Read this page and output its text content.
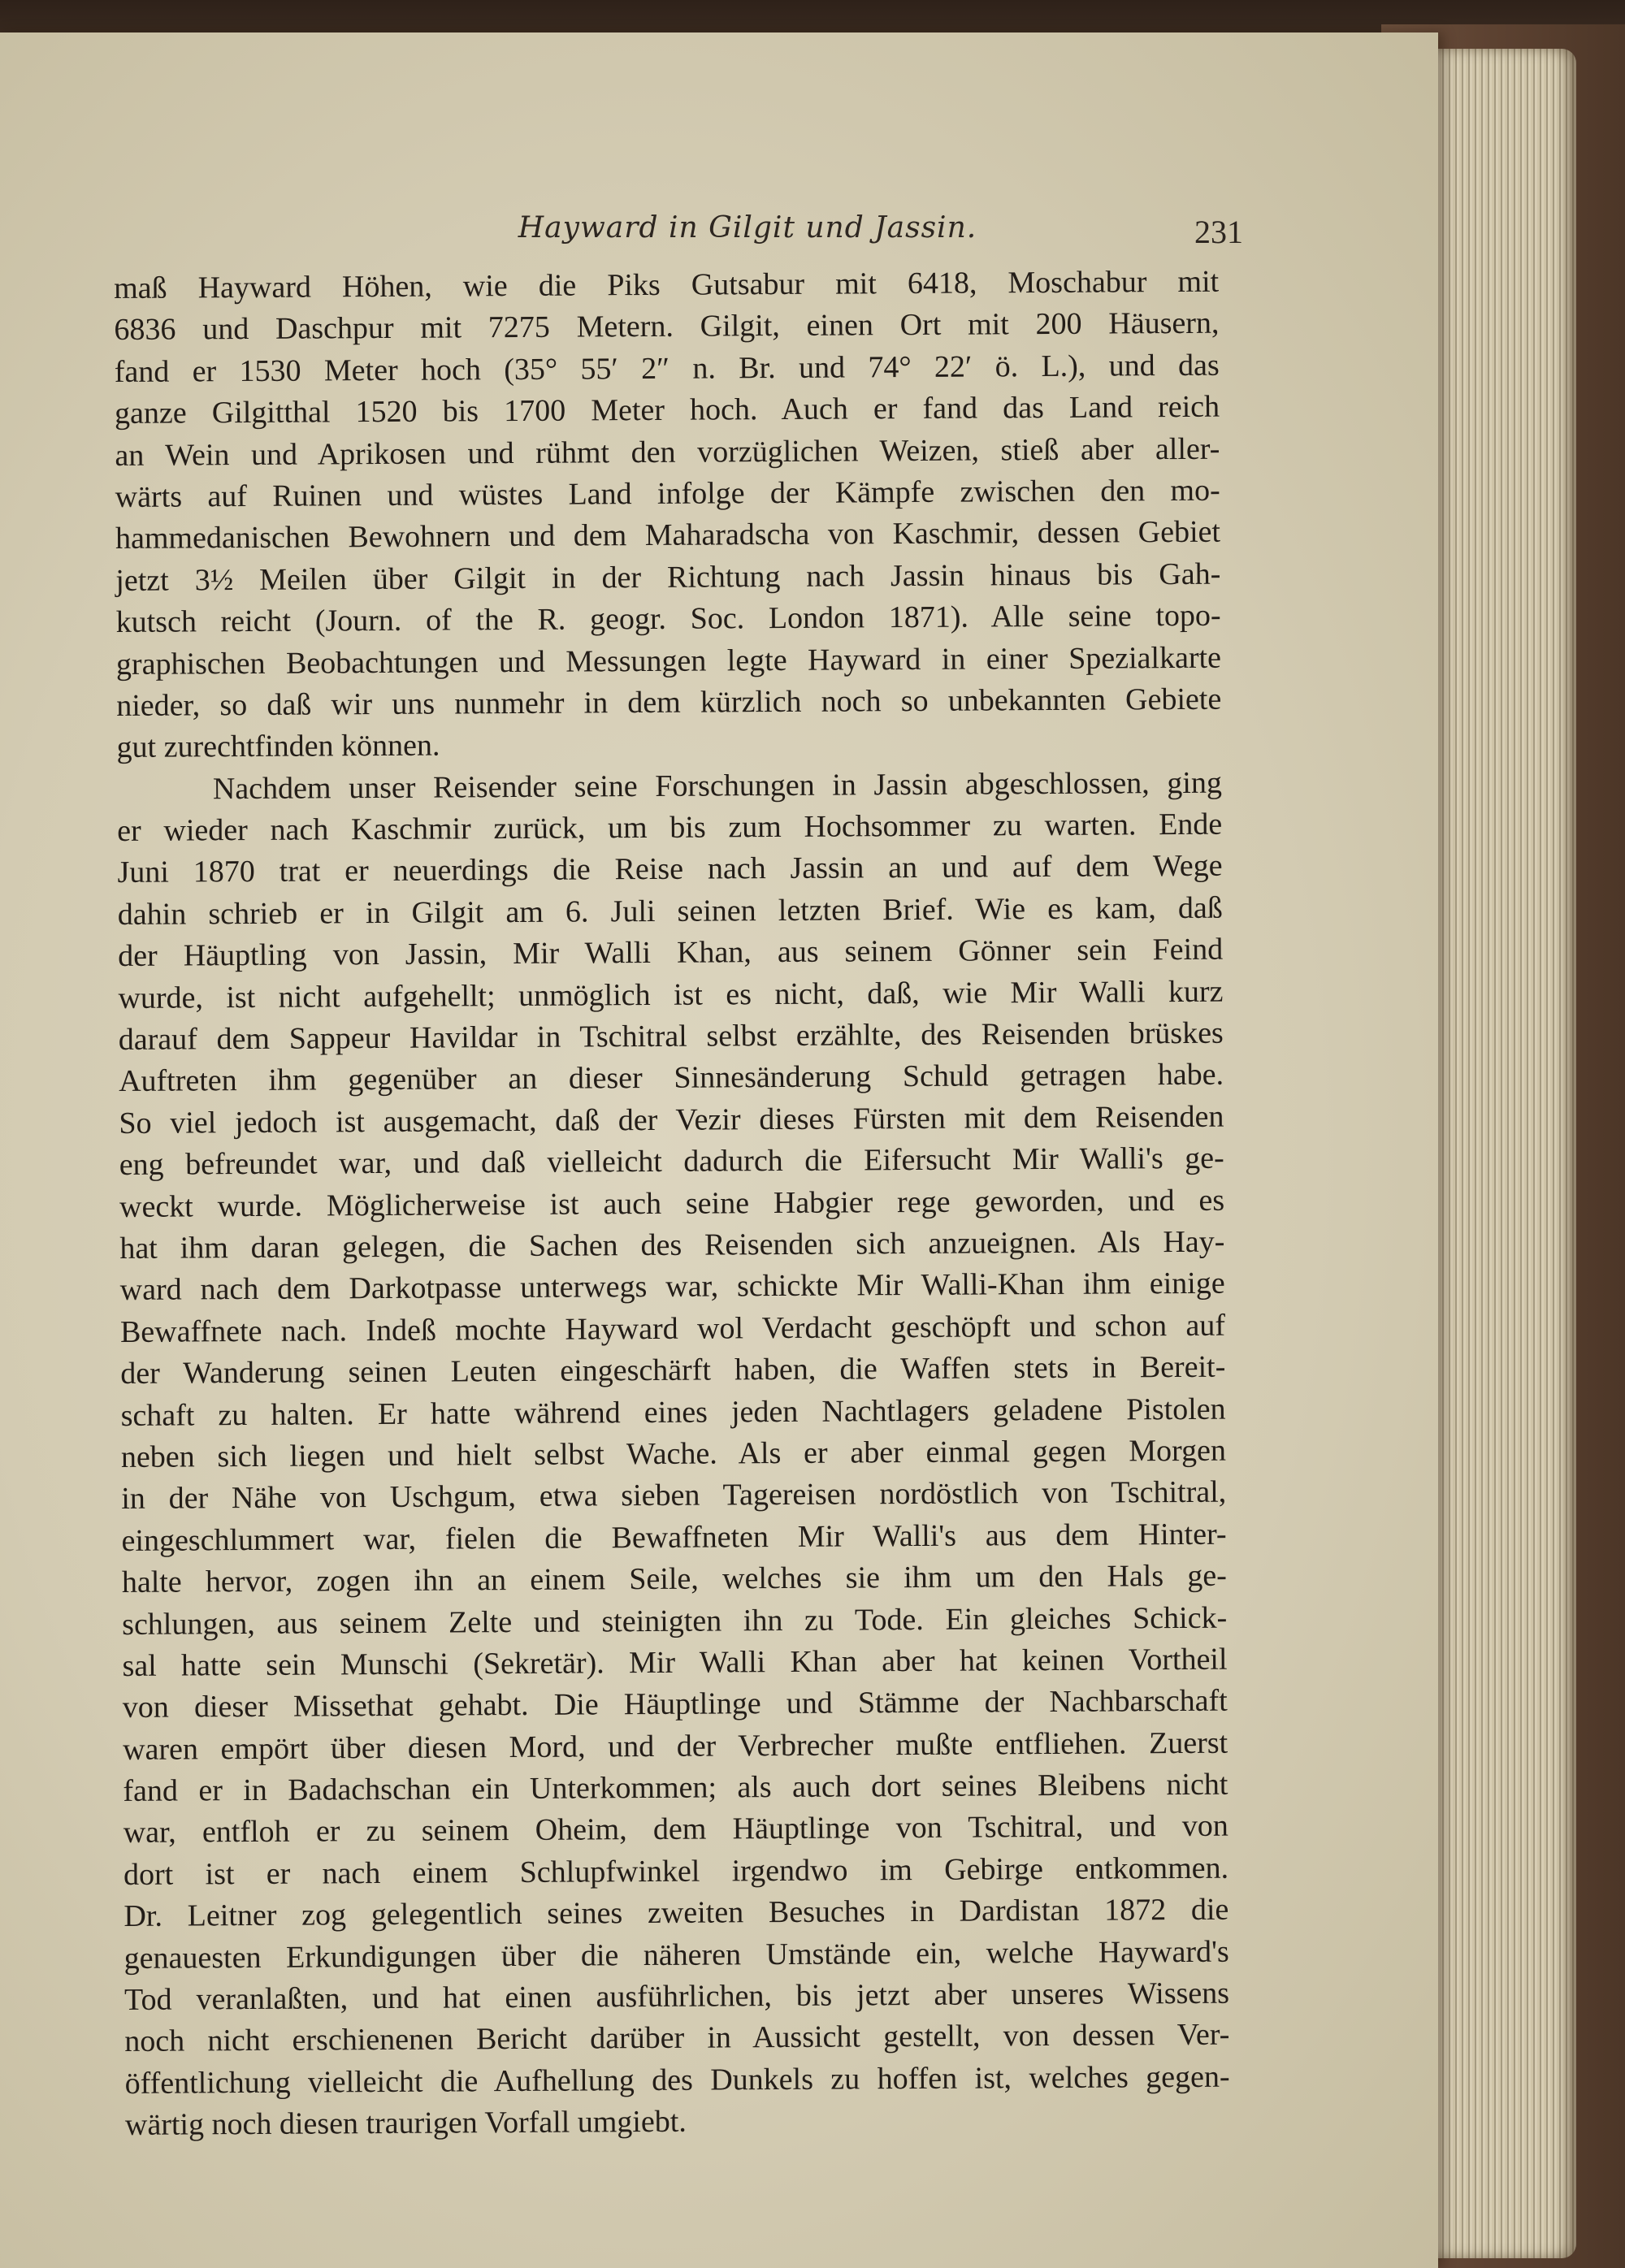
Hayward in Gilgit und Jassin.	231
maß Hayward Höhen, wie die Piks Gutsabur mit 6418, Moschabur mit
6836 und Daschpur mit 7275 Metern. Gilgit, einen Ort mit 200 Häusern,
fand er 1530 Meter hoch (35° 55′ 2″ n. Br. und 74° 22′ ö. L.), und das
ganze Gilgitthal 1520 bis 1700 Meter hoch. Auch er fand das Land reich
an Wein und Aprikosen und rühmt den vorzüglichen Weizen, stieß aber aller-
wärts auf Ruinen und wüstes Land infolge der Kämpfe zwischen den mo-
hammedanischen Bewohnern und dem Maharadscha von Kaschmir, dessen Gebiet
jetzt 3½ Meilen über Gilgit in der Richtung nach Jassin hinaus bis Gah-
kutsch reicht (Journ. of the R. geogr. Soc. London 1871). Alle seine topo-
graphischen Beobachtungen und Messungen legte Hayward in einer Spezialkarte
nieder, so daß wir uns nunmehr in dem kürzlich noch so unbekannten Gebiete
gut zurechtfinden können.
Nachdem unser Reisender seine Forschungen in Jassin abgeschlossen, ging
er wieder nach Kaschmir zurück, um bis zum Hochsommer zu warten. Ende
Juni 1870 trat er neuerdings die Reise nach Jassin an und auf dem Wege
dahin schrieb er in Gilgit am 6. Juli seinen letzten Brief. Wie es kam, daß
der Häuptling von Jassin, Mir Walli Khan, aus seinem Gönner sein Feind
wurde, ist nicht aufgehellt; unmöglich ist es nicht, daß, wie Mir Walli kurz
darauf dem Sappeur Havildar in Tschitral selbst erzählte, des Reisenden brüskes
Auftreten ihm gegenüber an dieser Sinnesänderung Schuld getragen habe.
So viel jedoch ist ausgemacht, daß der Vezir dieses Fürsten mit dem Reisenden
eng befreundet war, und daß vielleicht dadurch die Eifersucht Mir Walli's ge-
weckt wurde. Möglicherweise ist auch seine Habgier rege geworden, und es
hat ihm daran gelegen, die Sachen des Reisenden sich anzueignen. Als Hay-
ward nach dem Darkotpasse unterwegs war, schickte Mir Walli-Khan ihm einige
Bewaffnete nach. Indeß mochte Hayward wol Verdacht geschöpft und schon auf
der Wanderung seinen Leuten eingeschärft haben, die Waffen stets in Bereit-
schaft zu halten. Er hatte während eines jeden Nachtlagers geladene Pistolen
neben sich liegen und hielt selbst Wache. Als er aber einmal gegen Morgen
in der Nähe von Uschgum, etwa sieben Tagereisen nordöstlich von Tschitral,
eingeschlummert war, fielen die Bewaffneten Mir Walli's aus dem Hinter-
halte hervor, zogen ihn an einem Seile, welches sie ihm um den Hals ge-
schlungen, aus seinem Zelte und steinigten ihn zu Tode. Ein gleiches Schick-
sal hatte sein Munschi (Sekretär). Mir Walli Khan aber hat keinen Vortheil
von dieser Missethat gehabt. Die Häuptlinge und Stämme der Nachbarschaft
waren empört über diesen Mord, und der Verbrecher mußte entfliehen. Zuerst
fand er in Badachschan ein Unterkommen; als auch dort seines Bleibens nicht
war, entfloh er zu seinem Oheim, dem Häuptlinge von Tschitral, und von
dort ist er nach einem Schlupfwinkel irgendwo im Gebirge entkommen.
Dr. Leitner zog gelegentlich seines zweiten Besuches in Dardistan 1872 die
genauesten Erkundigungen über die näheren Umstände ein, welche Hayward's
Tod veranlaßten, und hat einen ausführlichen, bis jetzt aber unseres Wissens
noch nicht erschienenen Bericht darüber in Aussicht gestellt, von dessen Ver-
öffentlichung vielleicht die Aufhellung des Dunkels zu hoffen ist, welches gegen-
wärtig noch diesen traurigen Vorfall umgiebt.
